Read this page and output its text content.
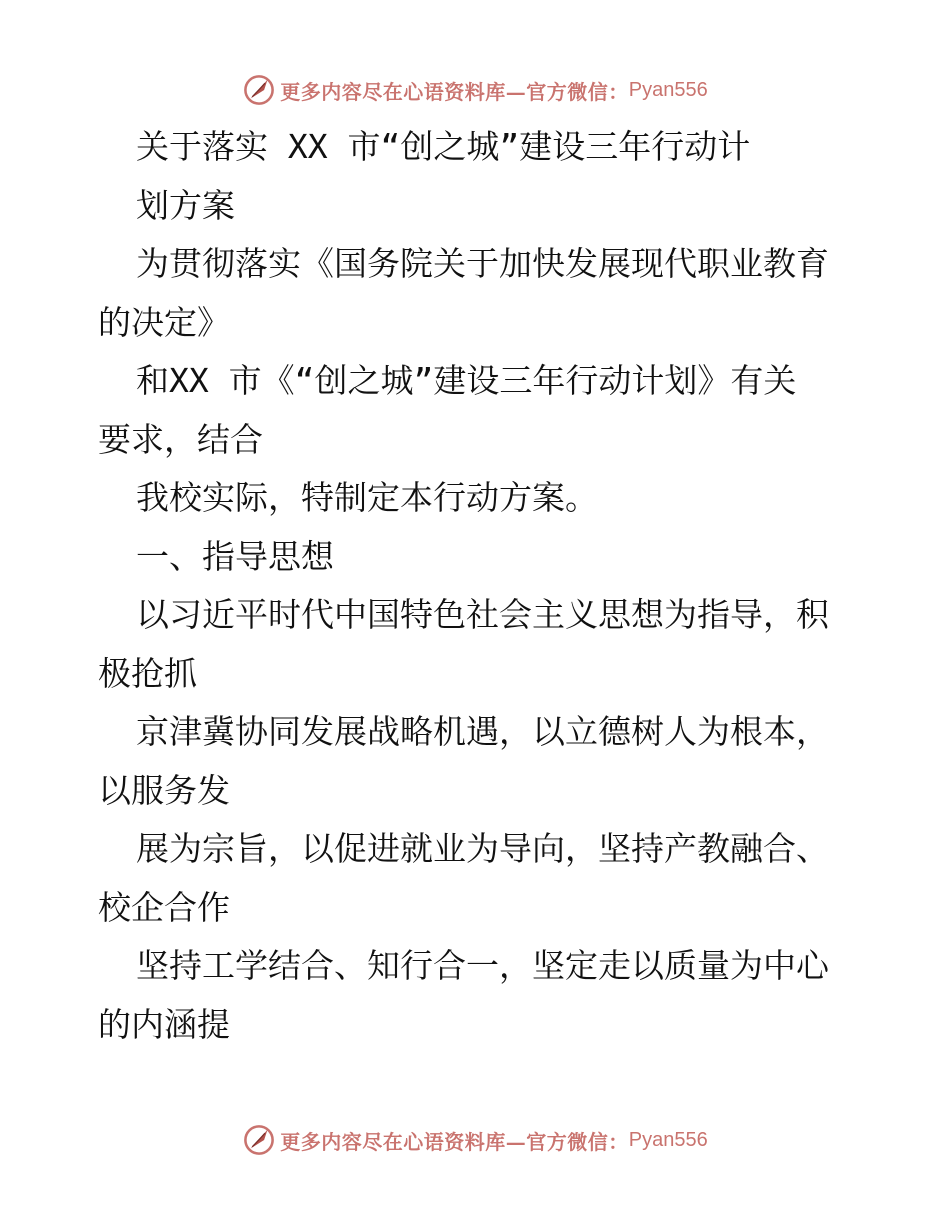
更多内容尽在心语资料库—官方微信： Pyan556
关于落实 XX 市“创之城”建设三年行动计
划方案
为贯彻落实《国务院关于加快发展现代职业教育
的决定》
和XX 市《“创之城”建设三年行动计划》有关
要求，结合
我校实际，特制定本行动方案。
一、指导思想
以习近平时代中国特色社会主义思想为指导，积
极抢抓
京津冀协同发展战略机遇，以立德树人为根本，
以服务发
展为宗旨，以促进就业为导向，坚持产教融合、
校企合作
坚持工学结合、知行合一，坚定走以质量为中心
的内涵提
更多内容尽在心语资料库—官方微信： Pyan556
